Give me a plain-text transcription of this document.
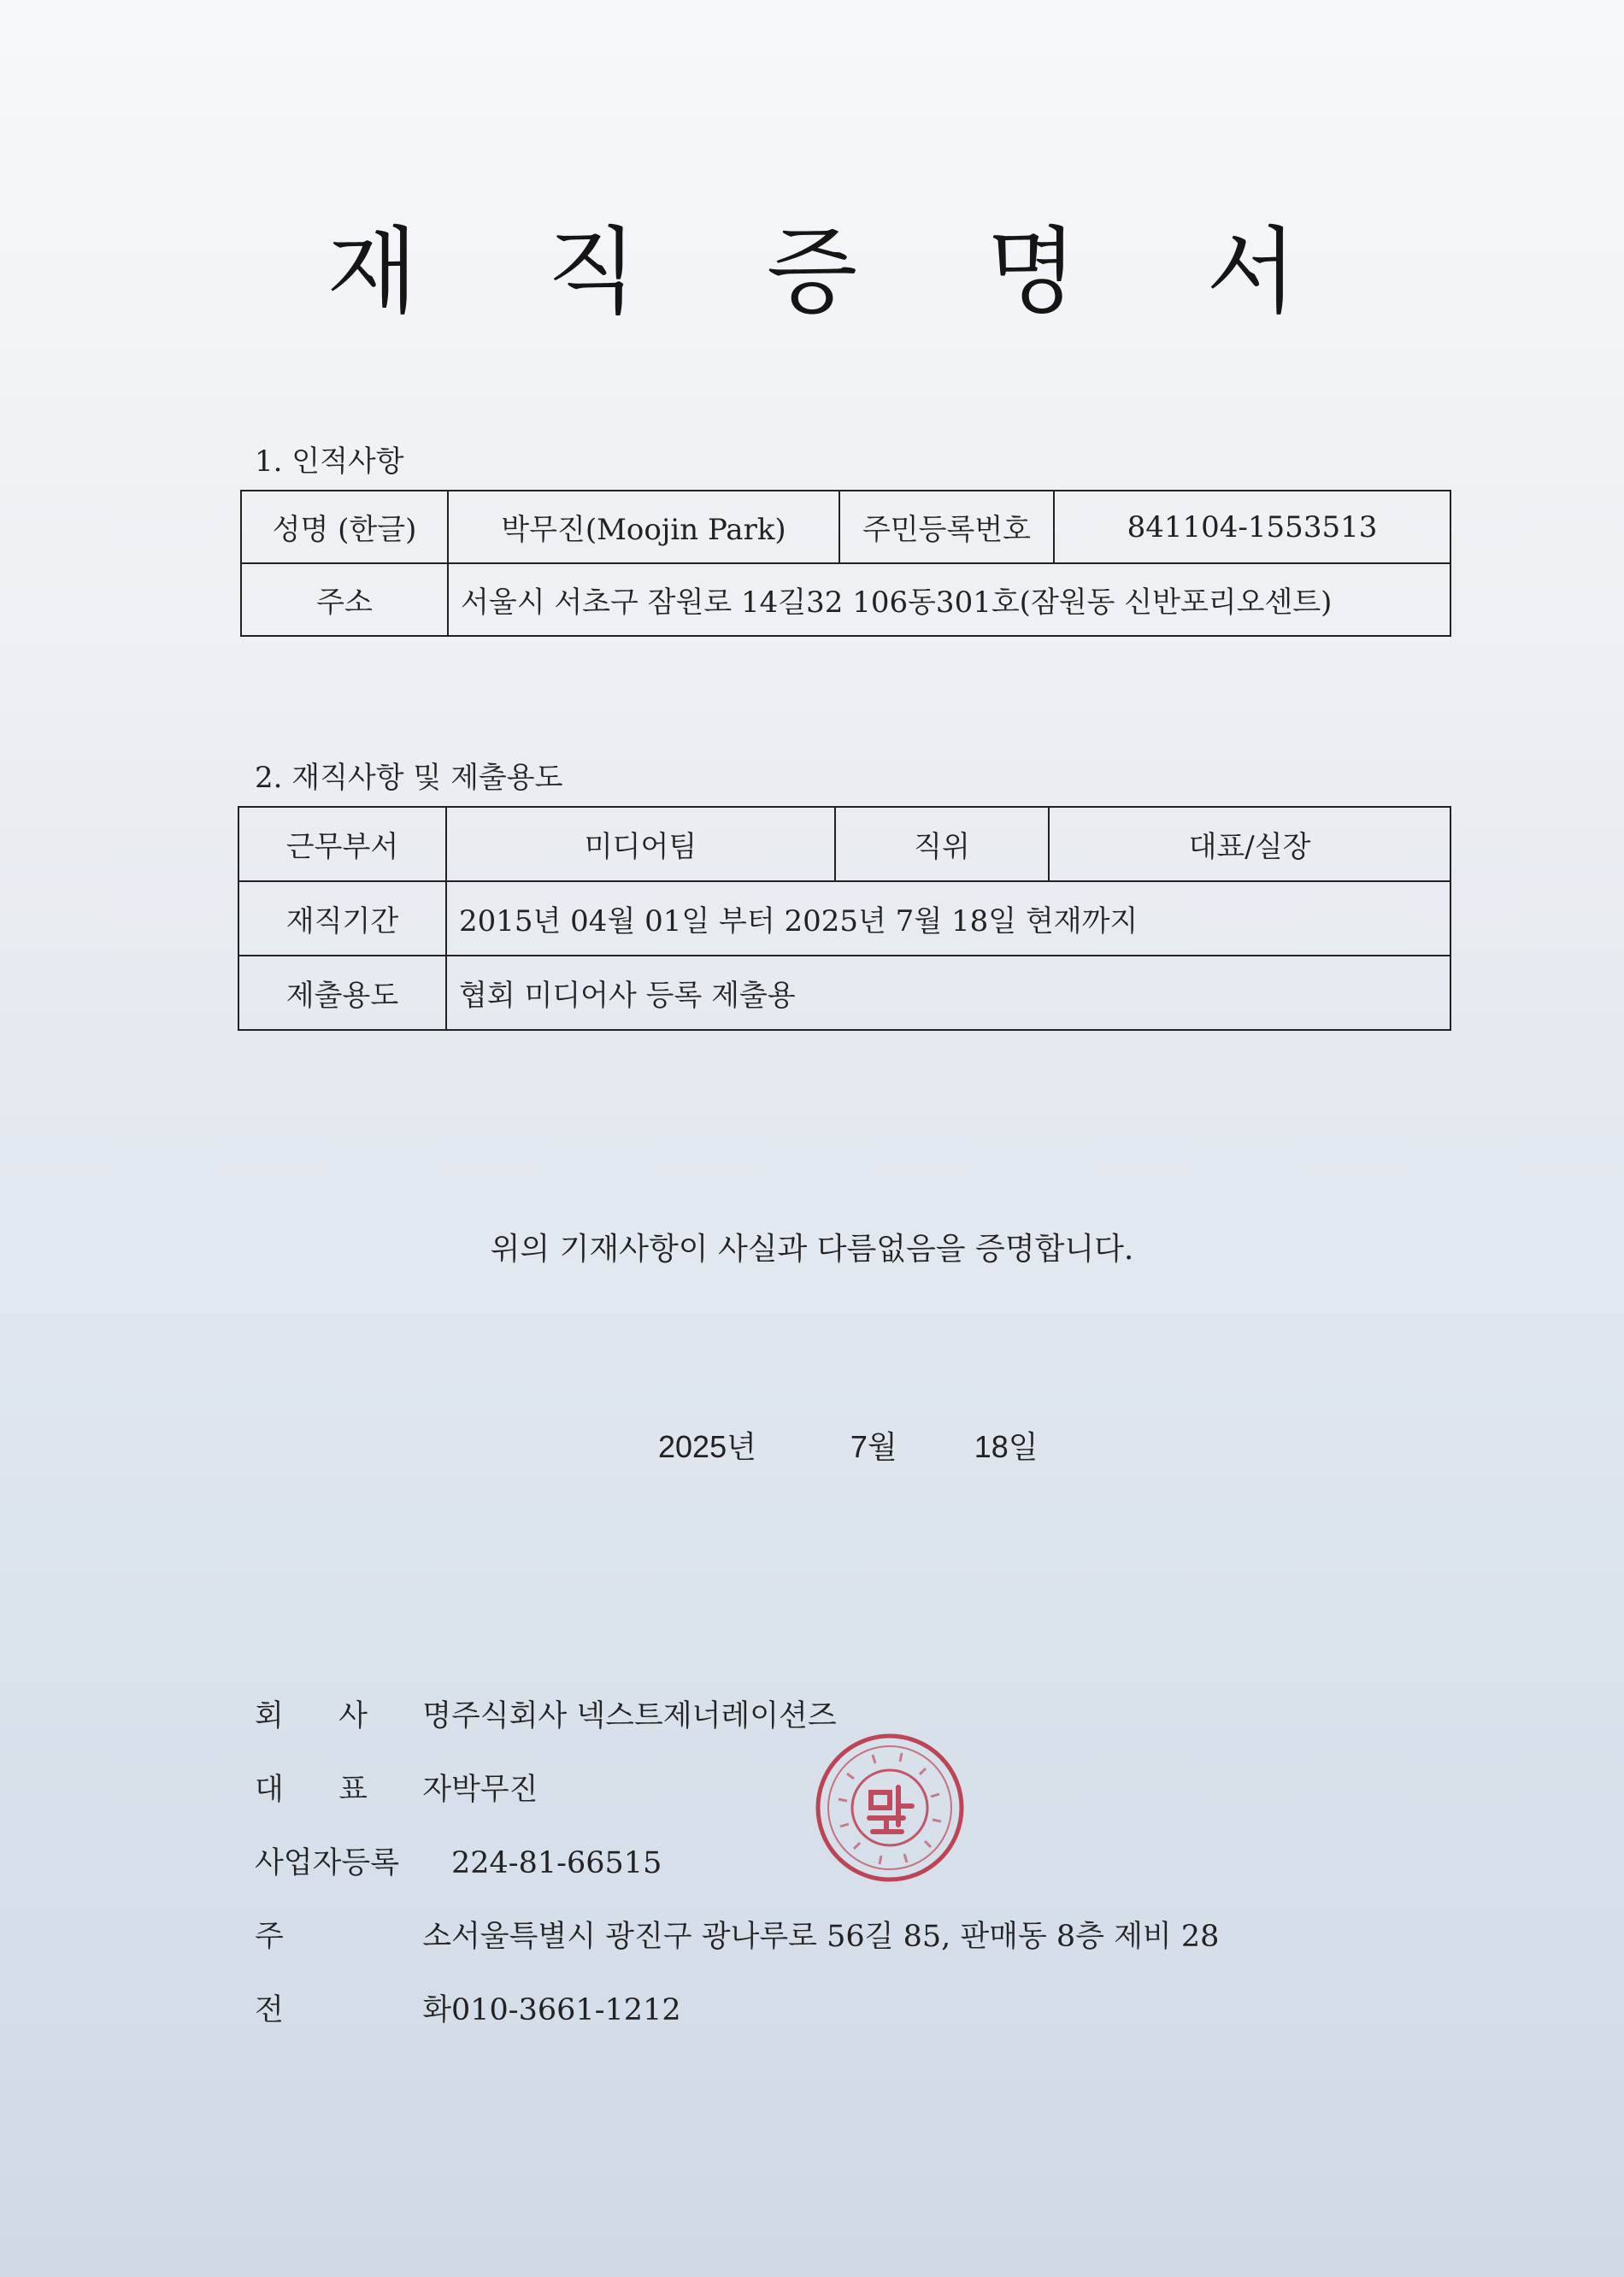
재 직 증 명 서
1. 인적사항
성명 (한글)	박무진(Moojin Park)	주민등록번호	841104-1553513
주소	서울시 서초구 잠원로 14길32 106동301호(잠원동 신반포리오센트)		
2. 재직사항 및 제출용도
근무부서	미디어팀	직위	대표/실장
재직기간	2015년 04월 01일 부터 2025년 7월 18일 현재까지		
제출용도	협회 미디어사 등록 제출용		
위의 기재사항이 사실과 다름없음을 증명합니다.
2025년	7월	18일
회 사 명 주식회사 넥스트제너레이션즈
대 표 자 박무진
사업자등록 224-81-66515
주	소 서울특별시 광진구 광나루로 56길 85, 판매동 8층 제비 28
전	화 010-3661-1212
